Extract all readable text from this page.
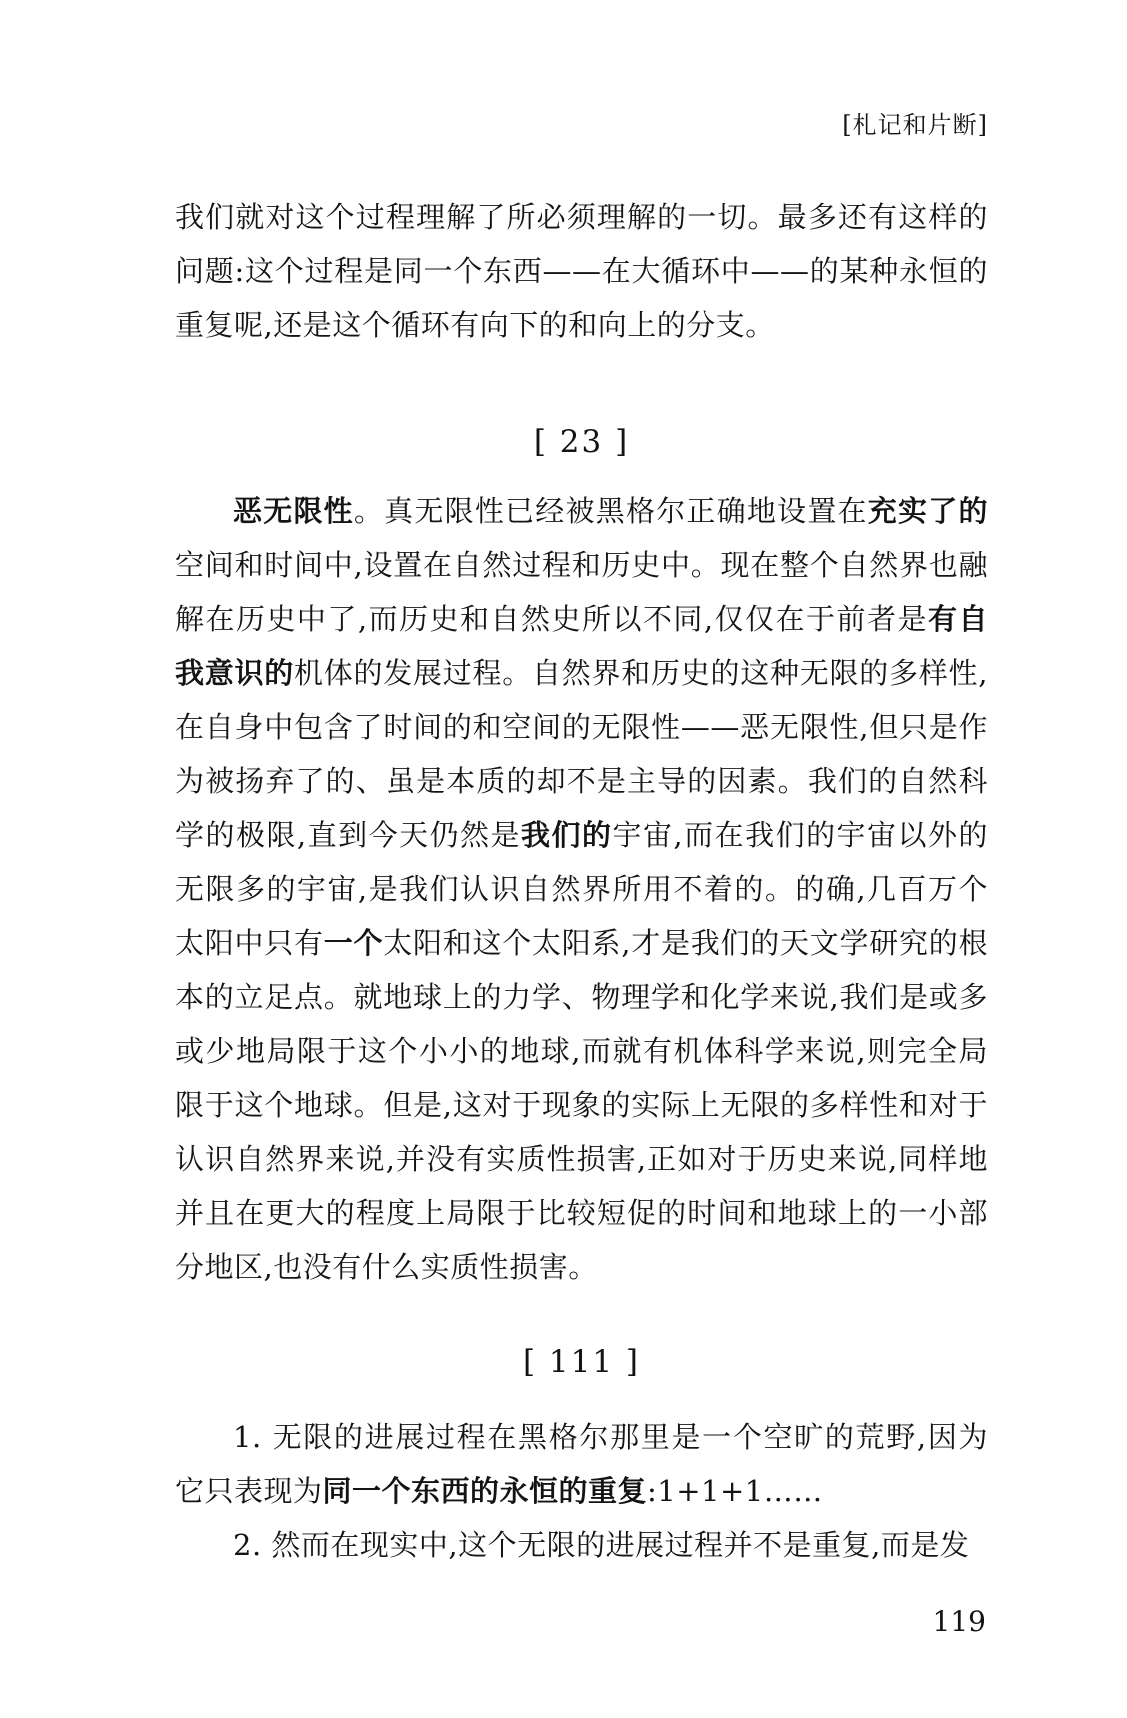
[札记和片断]

我们就对这个过程理解了所必须理解的一切。最多还有这样的问题:这个过程是同一个东西——在大循环中——的某种永恒的重复呢,还是这个循环有向下的和向上的分支。

[ 23 ]

恶无限性。真无限性已经被黑格尔正确地设置在充实了的空间和时间中,设置在自然过程和历史中。现在整个自然界也融解在历史中了,而历史和自然史所以不同,仅仅在于前者是有自我意识的机体的发展过程。自然界和历史的这种无限的多样性,在自身中包含了时间的和空间的无限性——恶无限性,但只是作为被扬弃了的、虽是本质的却不是主导的因素。我们的自然科学的极限,直到今天仍然是我们的宇宙,而在我们的宇宙以外的无限多的宇宙,是我们认识自然界所用不着的。的确,几百万个太阳中只有一个太阳和这个太阳系,才是我们的天文学研究的根本的立足点。就地球上的力学、物理学和化学来说,我们是或多或少地局限于这个小小的地球,而就有机体科学来说,则完全局限于这个地球。但是,这对于现象的实际上无限的多样性和对于认识自然界来说,并没有实质性损害,正如对于历史来说,同样地并且在更大的程度上局限于比较短促的时间和地球上的一小部分地区,也没有什么实质性损害。

[ 111 ]

1. 无限的进展过程在黑格尔那里是一个空旷的荒野,因为它只表现为同一个东西的永恒的重复:1+1+1……

2. 然而在现实中,这个无限的进展过程并不是重复,而是发

119
